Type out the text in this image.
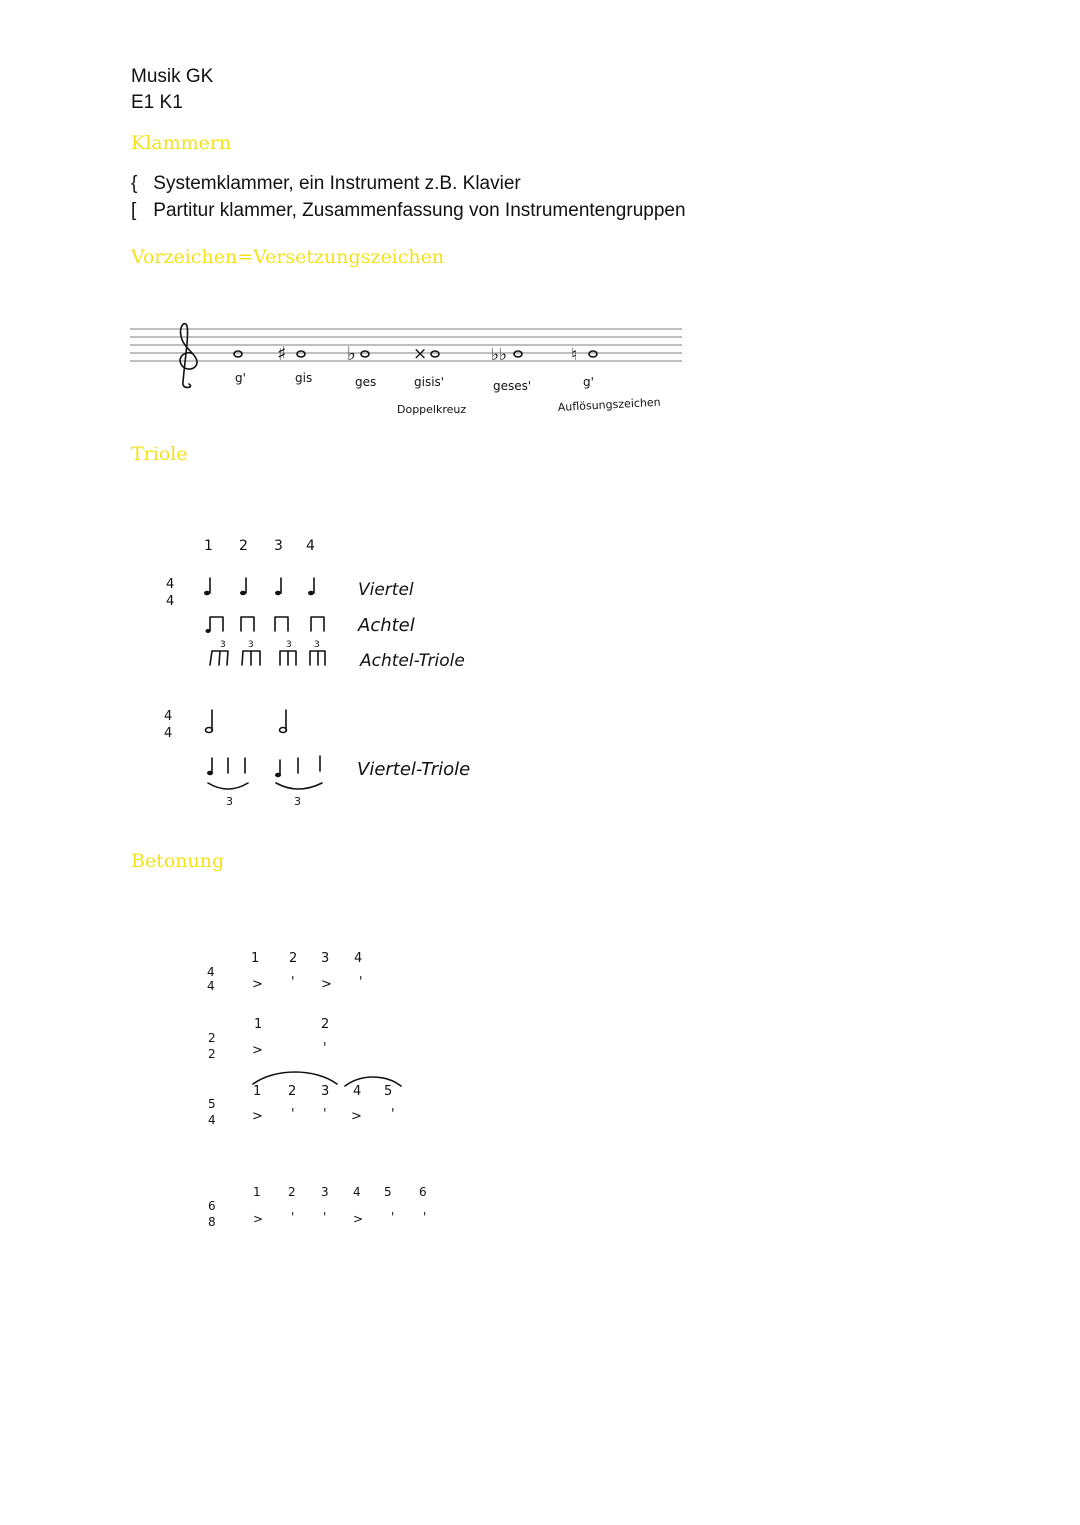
Musik GK
E1 K1
Klammern
{ Systemklammer, ein Instrument z.B. Klavier
[ Partitur klammer, Zusammenfassung von Instrumentengruppen
Vorzeichen=Versetzungszeichen
g'
♯
gis
♭
ges
×
gisis'
Doppelkreuz
♭♭
geses'
♮
g'
Auflösungszeichen
Triole
1 2 3 4
4
4
Viertel
Achtel
3 3	3 3
Achtel-Triole
4
4
3	3
Viertel-Triole
Betonung
4
4
1 2 3 4
> ' > '
2
2
1	2
>	'
5
4
1 2 3 4 5
> ' ' > '
6
8
1 2 3 4 5 6
> ' ' > ' '
